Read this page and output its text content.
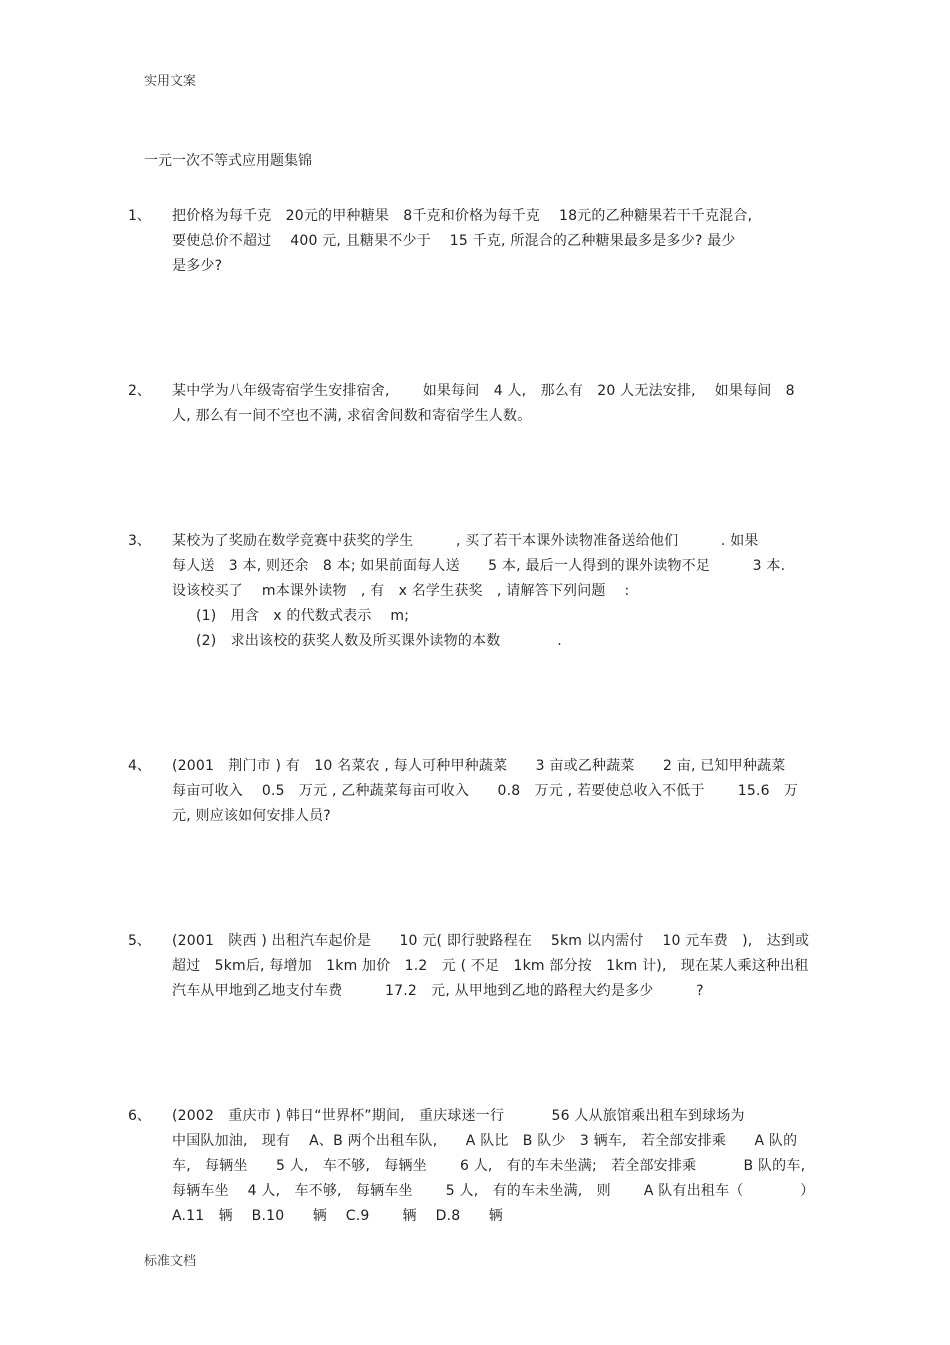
实用文案
一元一次不等式应用题集锦
1、 把价格为每千克　20元的甲种糖果　8千克和价格为每千克　 18元的乙种糖果若干千克混合,
要使总价不超过　 400 元, 且糖果不少于　 15 千克, 所混合的乙种糖果最多是多少? 最少
是多少?
2、 某中学为八年级寄宿学生安排宿舍,　　 如果每间　4 人,　那么有　20 人无法安排,　 如果每间　8
人, 那么有一间不空也不满, 求宿舍间数和寄宿学生人数。
3、 某校为了奖励在数学竞赛中获奖的学生　　　, 买了若干本课外读物准备送给他们　　　. 如果
每人送　3 本, 则还余　8 本; 如果前面每人送　　5 本, 最后一人得到的课外读物不足　　　3 本.
设该校买了　 m本课外读物　, 有　x 名学生获奖　, 请解答下列问题　 :
(1)　用含　x 的代数式表示　 m;
(2)　求出该校的获奖人数及所买课外读物的本数　　　　.
4、 (2001　荆门市 ) 有　10 名菜农 , 每人可种甲种蔬菜　　3 亩或乙种蔬菜　　2 亩, 已知甲种蔬菜
每亩可收入　 0.5　万元 , 乙种蔬菜每亩可收入　　0.8　万元 , 若要使总收入不低于　　 15.6　万
元, 则应该如何安排人员?
5、 (2001　陕西 ) 出租汽车起价是　　10 元( 即行驶路程在　 5km 以内需付　 10 元车费　),　达到或
超过　5km后, 每增加　1km 加价　1.2　元 ( 不足　1km 部分按　1km 计),　现在某人乘这种出租
汽车从甲地到乙地支付车费　　　17.2　元, 从甲地到乙地的路程大约是多少　　　?
6、 (2002　重庆市 ) 韩日“世界杯”期间,　重庆球迷一行　　　 56 人从旅馆乘出租车到球场为
中国队加油,　现有　 A、B 两个出租车队,　　A 队比　B 队少　3 辆车,　若全部安排乘　　A 队的
车,　每辆坐　　5 人,　车不够,　每辆坐　　 6 人,　有的车未坐满;　若全部安排乘　　　 B 队的车,
每辆车坐　 4 人,　车不够,　每辆车坐　　 5 人,　有的车未坐满,　则　　 A 队有出租车（　　　　）
A.11　辆　 B.10　　辆　 C.9　　 辆　 D.8　　辆
标准文档
